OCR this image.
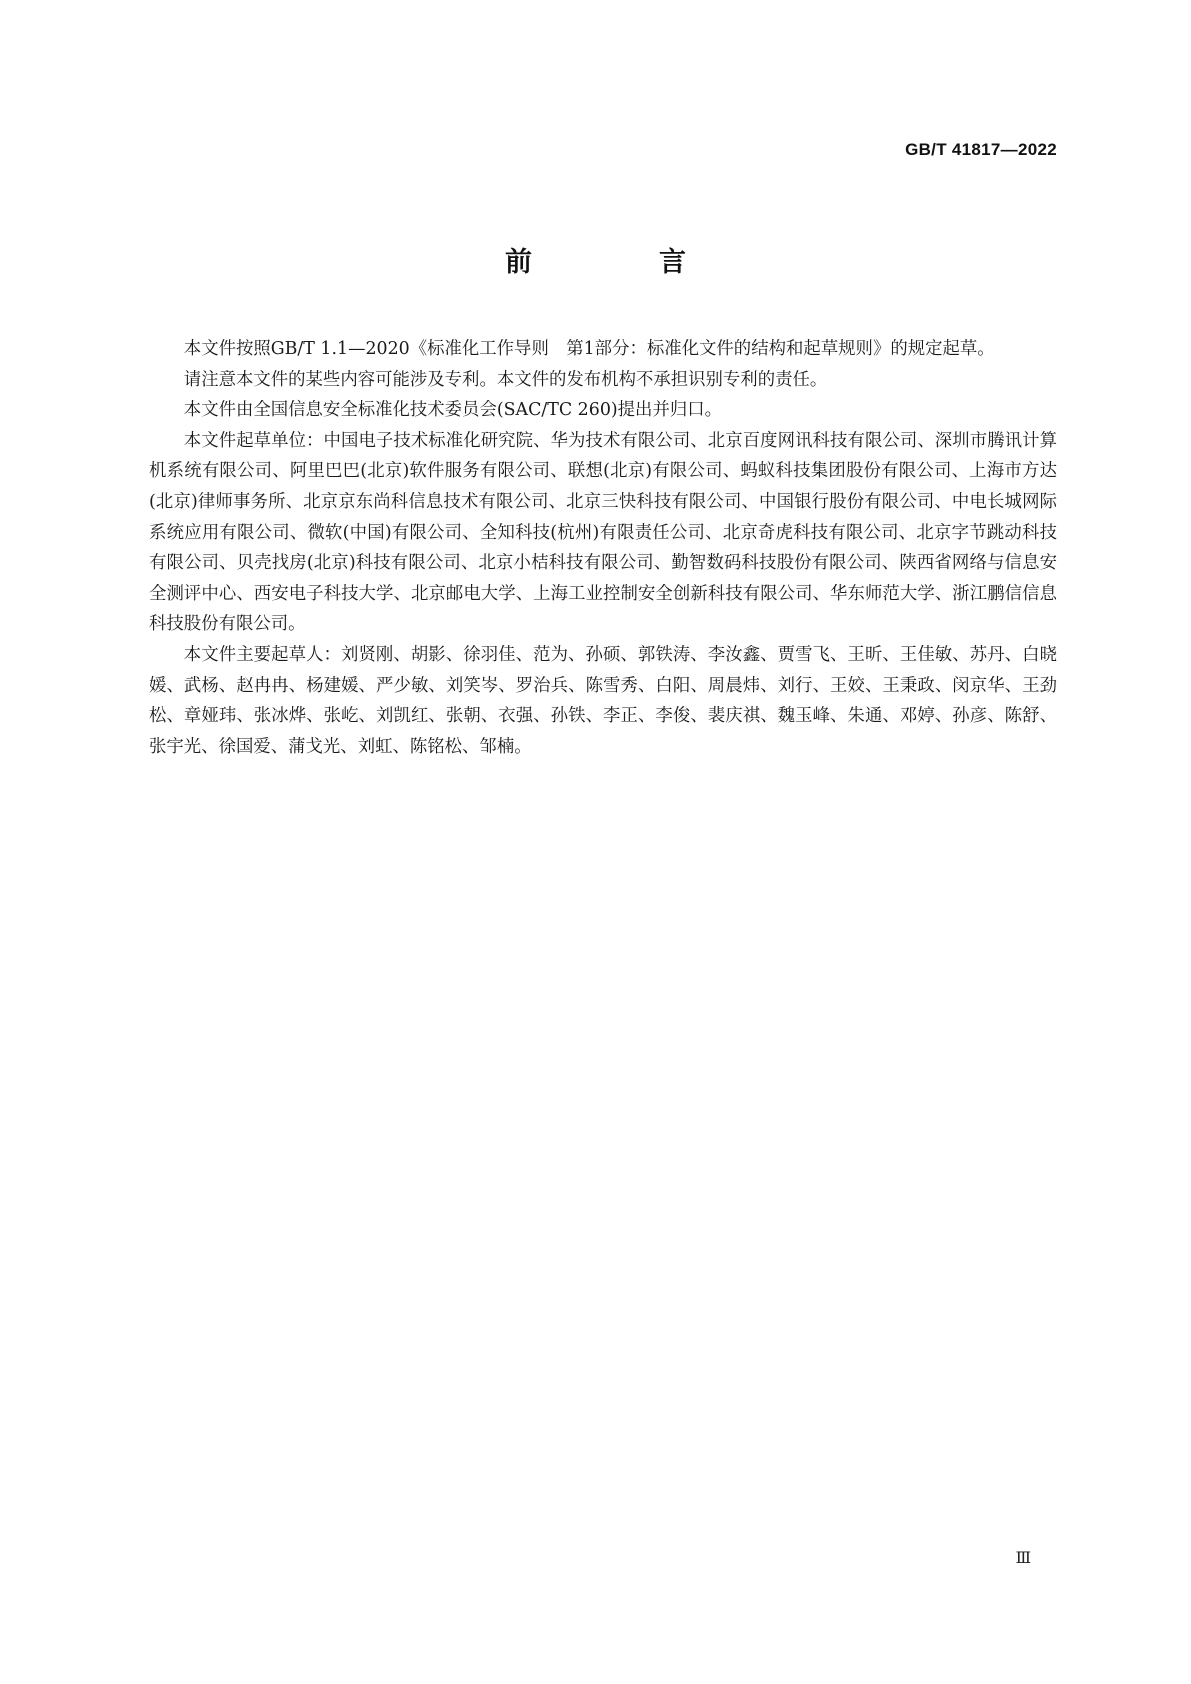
GB/T 41817—2022
前　言

本文件按照GB/T 1.1—2020《标准化工作导则　第1部分：标准化文件的结构和起草规则》的规定起草。

请注意本文件的某些内容可能涉及专利。本文件的发布机构不承担识别专利的责任。

本文件由全国信息安全标准化技术委员会(SAC/TC 260)提出并归口。

本文件起草单位：中国电子技术标准化研究院、华为技术有限公司、北京百度网讯科技有限公司、深圳市腾讯计算机系统有限公司、阿里巴巴(北京)软件服务有限公司、联想(北京)有限公司、蚂蚁科技集团股份有限公司、上海市方达(北京)律师事务所、北京京东尚科信息技术有限公司、北京三快科技有限公司、中国银行股份有限公司、中电长城网际系统应用有限公司、微软(中国)有限公司、全知科技(杭州)有限责任公司、北京奇虎科技有限公司、北京字节跳动科技有限公司、贝壳找房(北京)科技有限公司、北京小桔科技有限公司、勤智数码科技股份有限公司、陕西省网络与信息安全测评中心、西安电子科技大学、北京邮电大学、上海工业控制安全创新科技有限公司、华东师范大学、浙江鹏信信息科技股份有限公司。

本文件主要起草人：刘贤刚、胡影、徐羽佳、范为、孙硕、郭铁涛、李汝鑫、贾雪飞、王昕、王佳敏、苏丹、白晓媛、武杨、赵冉冉、杨建媛、严少敏、刘笑岑、罗治兵、陈雪秀、白阳、周晨炜、刘行、王姣、王秉政、闵京华、王劲松、章娅玮、张冰烨、张屹、刘凯红、张朝、衣强、孙铁、李正、李俊、裴庆祺、魏玉峰、朱通、邓婷、孙彦、陈舒、张宇光、徐国爱、蒲戈光、刘虹、陈铭松、邹楠。

Ⅲ
